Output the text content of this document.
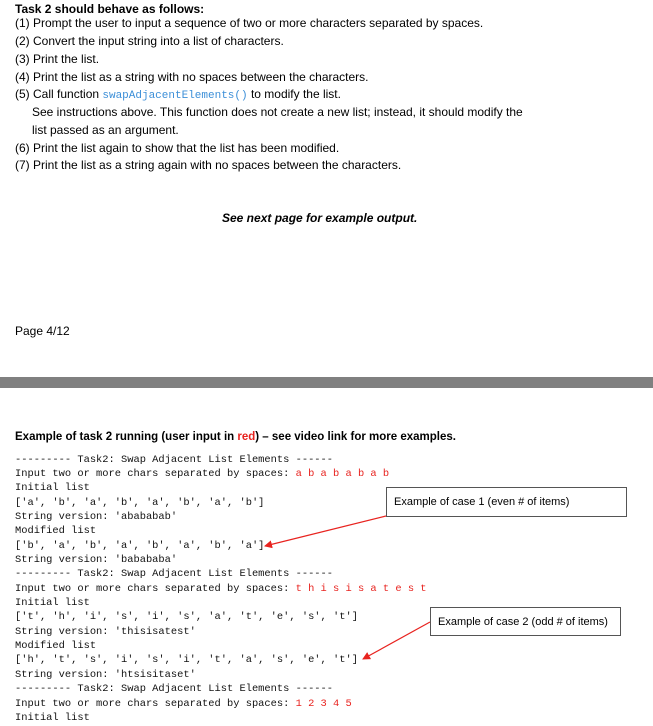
Task 2 should behave as follows:
(1) Prompt the user to input a sequence of two or more characters separated by spaces.
(2) Convert the input string into a list of characters.
(3) Print the list.
(4) Print the list as a string with no spaces between the characters.
(5) Call function swapAdjacentElements() to modify the list.
See instructions above. This function does not create a new list; instead, it should modify the
list passed as an argument.
(6) Print the list again to show that the list has been modified.
(7) Print the list as a string again with no spaces between the characters.
See next page for example output.
Page 4/12
Example of task 2 running (user input in red) – see video link for more examples.
--------- Task2: Swap Adjacent List Elements ------
Input two or more chars separated by spaces: a b a b a b a b
Initial list
['a', 'b', 'a', 'b', 'a', 'b', 'a', 'b']
String version: 'abababab'
Modified list
['b', 'a', 'b', 'a', 'b', 'a', 'b', 'a']
String version: 'babababa'
--------- Task2: Swap Adjacent List Elements ------
Input two or more chars separated by spaces: t h i s i s a t e s t
Initial list
['t', 'h', 'i', 's', 'i', 's', 'a', 't', 'e', 's', 't']
String version: 'thisisatest'
Modified list
['h', 't', 's', 'i', 's', 'i', 't', 'a', 's', 'e', 't']
String version: 'htsisitaset'
--------- Task2: Swap Adjacent List Elements ------
Input two or more chars separated by spaces: 1 2 3 4 5
Initial list
Example of case 1 (even # of items)
Example of case 2 (odd # of items)
